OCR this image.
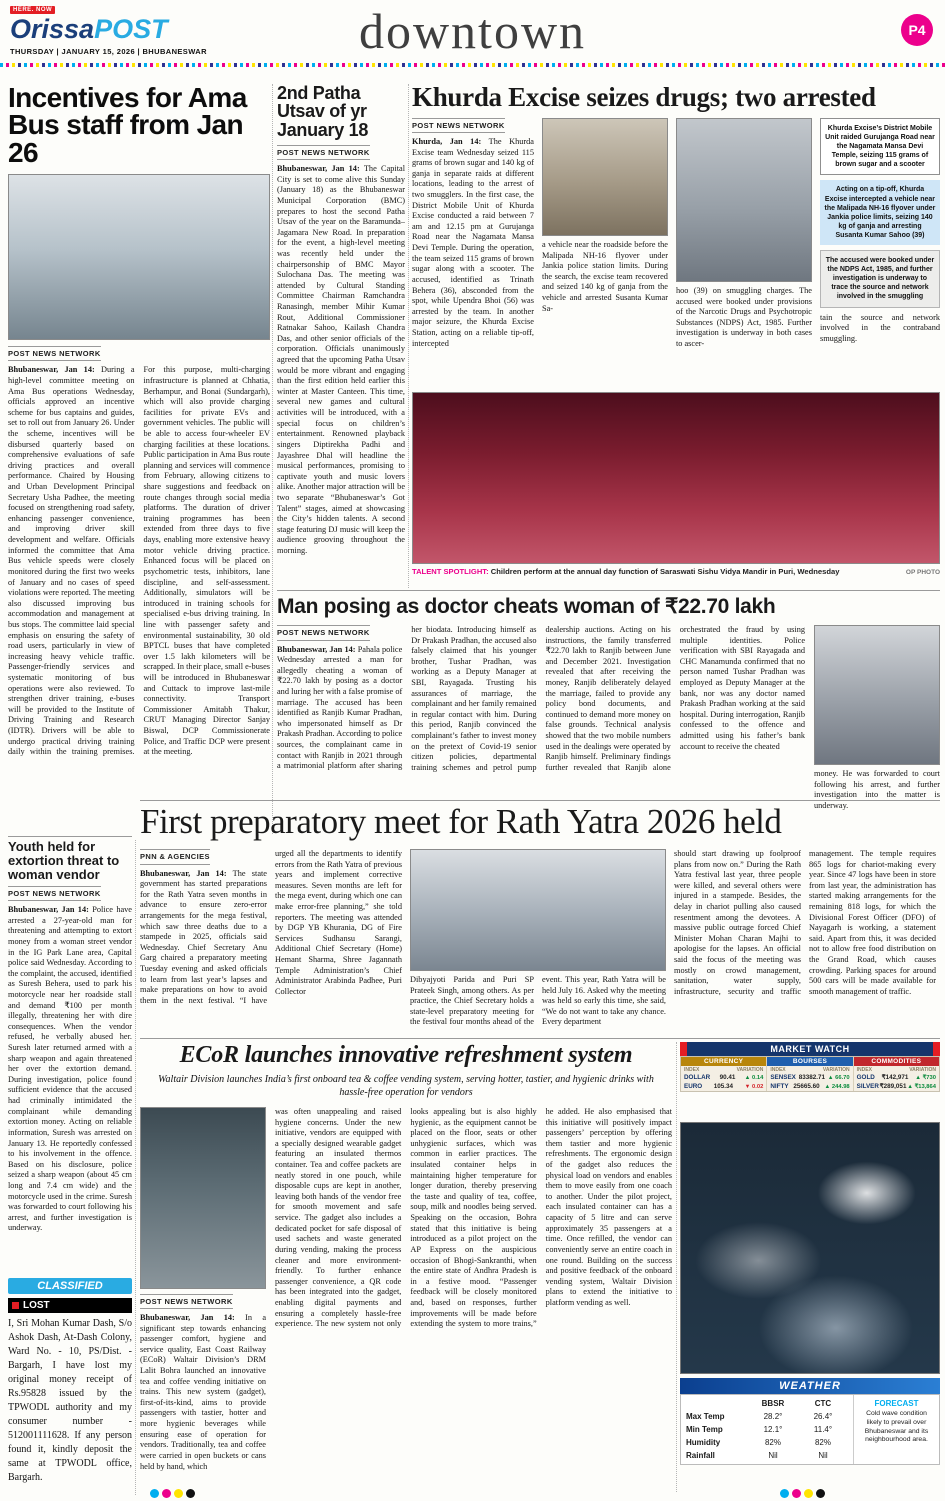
HERE. NOW
OrissaPOST
THURSDAY | JANUARY 15, 2026 | BHUBANESWAR	downtown	P4
Incentives for Ama Bus staff from Jan 26
POST NEWS NETWORK

Bhubaneswar, Jan 14: During a high-level committee meeting on Ama Bus operations Wednesday, officials approved an incentive scheme for bus captains and guides, set to roll out from January 26. Under the scheme, incentives will be disbursed quarterly based on comprehensive evaluations of safe driving practices and overall performance. Chaired by Housing and Urban Development Principal Secretary Usha Padhee, the meeting focused on strengthening road safety, enhancing passenger convenience, and improving driver skill development and welfare. Officials informed the committee that Ama Bus vehicle speeds were closely monitored during the first two weeks of January and no cases of speed violations were reported. The meeting also discussed improving bus accommodation and management at bus stops. The committee laid special emphasis on ensuring the safety of road users, particularly in view of increasing heavy vehicle traffic. Passenger-friendly services and systematic monitoring of bus operations were also reviewed. To strengthen driver training, e-buses will be provided to the Institute of Driving Training and Research (IDTR). Drivers will be able to undergo practical driving training daily within the training premises. For this purpose, multi-charging infrastructure is planned at Chhatia, Berhampur, and Bonai (Sundargarh), which will also provide charging facilities for private EVs and government vehicles. The public will be able to access four-wheeler EV charging facilities at these locations. Public participation in Ama Bus route planning and services will commence from February, allowing citizens to share suggestions and feedback on route changes through social media platforms. The duration of driver training programmes has been extended from three days to five days, enabling more extensive heavy motor vehicle driving practice. Enhanced focus will be placed on psychometric tests, inhibitors, lane discipline, and self-assessment. Additionally, simulators will be introduced in training schools for specialised e-bus driving training. In line with passenger safety and environmental sustainability, 30 old BPTCL buses that have completed over 1.5 lakh kilometers will be scrapped. In their place, small e-buses will be introduced in Bhubaneswar and Cuttack to improve last-mile connectivity. Transport Commissioner Amitabh Thakur, CRUT Managing Director Sanjay Biswal, DCP Commissionerate Police, and Traffic DCP were present at the meeting.

2nd Patha Utsav of yr January 18
POST NEWS NETWORK

Bhubaneswar, Jan 14: The Capital City is set to come alive this Sunday (January 18) as the Bhubaneswar Municipal Corporation (BMC) prepares to host the second Patha Utsav of the year on the Baramunda–Jagamara New Road. In preparation for the event, a high-level meeting was recently held under the chairpersonship of BMC Mayor Sulochana Das. The meeting was attended by Cultural Standing Committee Chairman Ramchandra Ranasingh, member Mihir Kumar Rout, Additional Commissioner Ratnakar Sahoo, Kailash Chandra Das, and other senior officials of the corporation. Officials unanimously agreed that the upcoming Patha Utsav would be more vibrant and engaging than the first edition held earlier this winter at Master Canteen. This time, several new games and cultural activities will be introduced, with a special focus on children’s entertainment. Renowned playback singers Diptirekha Padhi and Jayashree Dhal will headline the musical performances, promising to captivate youth and music lovers alike. Another major attraction will be two separate “Bhubaneswar’s Got Talent” stages, aimed at showcasing the City’s hidden talents. A second stage featuring DJ music will keep the audience grooving throughout the morning.

Khurda Excise seizes drugs; two arrested
POST NEWS NETWORK

Khurda, Jan 14: The Khurda Excise team Wednesday seized 115 grams of brown sugar and 140 kg of ganja in separate raids at different locations, leading to the arrest of two smugglers. In the first case, the District Mobile Unit of Khurda Excise conducted a raid between 7 am and 12.15 pm at Gurujanga Road near the Nagamata Mansa Devi Temple. During the operation, the team seized 115 grams of brown sugar along with a scooter. The accused, identified as Trinath Behera (36), absconded from the spot, while Upendra Bhoi (56) was arrested by the team. In another major seizure, the Khurda Excise Station, acting on a reliable tip-off, intercepted

a vehicle near the roadside before the Malipada NH-16 flyover under Jankia police station limits. During the search, the excise team recovered and seized 140 kg of ganja from the vehicle and arrested Susanta Kumar Sa-

hoo (39) on smuggling charges. The accused were booked under provisions of the Narcotic Drugs and Psychotropic Substances (NDPS) Act, 1985. Further investigation is underway in both cases to ascer-

Khurda Excise’s District Mobile Unit raided Gurujanga Road near the Nagamata Mansa Devi Temple, seizing 115 grams of brown sugar and a scooter
Acting on a tip-off, Khurda Excise intercepted a vehicle near the Malipada NH-16 flyover under Jankia police limits, seizing 140 kg of ganja and arresting Susanta Kumar Sahoo (39)
The accused were booked under the NDPS Act, 1985, and further investigation is underway to trace the source and network involved in the smuggling

tain the source and network involved in the contraband smuggling.

TALENT SPOTLIGHT: Children perform at the annual day function of Saraswati Sishu Vidya Mandir in Puri, Wednesday	OP PHOTO
Man posing as doctor cheats woman of ₹22.70 lakh
POST NEWS NETWORK

Bhubaneswar, Jan 14: Pahala police Wednesday arrested a man for allegedly cheating a woman of ₹22.70 lakh by posing as a doctor and luring her with a false promise of marriage. The accused has been identified as Ranjib Kumar Pradhan, who impersonated himself as Dr Prakash Pradhan. According to police sources, the complainant came in contact with Ranjib in 2021 through a matrimonial platform after sharing her biodata. Introducing himself as Dr Prakash Pradhan, the accused also falsely claimed that his younger brother, Tushar Pradhan, was working as a Deputy Manager at SBI, Rayagada. Trusting his assurances of marriage, the complainant and her family remained in regular contact with him. During this period, Ranjib convinced the complainant’s father to invest money on the pretext of Covid-19 senior citizen policies, departmental training schemes and petrol pump dealership auctions. Acting on his instructions, the family transferred ₹22.70 lakh to Ranjib between June and December 2021. Investigation revealed that after receiving the money, Ranjib deliberately delayed the marriage, failed to provide any policy bond documents, and continued to demand more money on false grounds. Technical analysis showed that the two mobile numbers used in the dealings were operated by Ranjib himself. Preliminary findings further revealed that Ranjib alone orchestrated the fraud by using multiple identities. Police verification with SBI Rayagada and CHC Manamunda confirmed that no person named Tushar Pradhan was employed as Deputy Manager at the bank, nor was any doctor named Prakash Pradhan working at the said hospital. During interrogation, Ranjib confessed to the offence and admitted using his father’s bank account to receive the cheated

money. He was forwarded to court following his arrest, and further investigation into the matter is underway.

First preparatory meet for Rath Yatra 2026 held
PNN & AGENCIES

Bhubaneswar, Jan 14: The state government has started preparations for the Rath Yatra seven months in advance to ensure zero-error arrangements for the mega festival, which saw three deaths due to a stampede in 2025, officials said Wednesday. Chief Secretary Anu Garg chaired a preparatory meeting Tuesday evening and asked officials to learn from last year’s lapses and make preparations on how to avoid them in the next festival. “I have urged all the departments to identify errors from the Rath Yatra of previous years and implement corrective measures. Seven months are left for the mega event, during which one can make error-free planning,” she told reporters. The meeting was attended by DGP YB Khurania, DG of Fire Services Sudhansu Sarangi, Additional Chief Secretary (Home) Hemant Sharma, Shree Jagannath Temple Administration’s Chief Administrator Arabinda Padhee, Puri Collector

Dibyajyoti Parida and Puri SP Prateek Singh, among others. As per practice, the Chief Secretary holds a state-level preparatory meeting for the festival four months ahead of the event. This year, Rath Yatra will be held July 16. Asked why the meeting was held so early this time, she said, “We do not want to take any chance. Every department

should start drawing up foolproof plans from now on.” During the Rath Yatra festival last year, three people were killed, and several others were injured in a stampede. Besides, the delay in chariot pulling also caused resentment among the devotees. A massive public outrage forced Chief Minister Mohan Charan Majhi to apologise for the lapses. An official said the focus of the meeting was mostly on crowd management, sanitation, water supply, infrastructure, security and traffic management. The temple requires 865 logs for chariot-making every year. Since 47 logs have been in store from last year, the administration has started making arrangements for the remaining 818 logs, for which the Divisional Forest Officer (DFO) of Nayagarh is working, a statement said. Apart from this, it was decided not to allow free food distribution on the Grand Road, which causes crowding. Parking spaces for around 500 cars will be made available for smooth management of traffic.

Youth held for extortion threat to woman vendor
POST NEWS NETWORK

Bhubaneswar, Jan 14: Police have arrested a 27-year-old man for threatening and attempting to extort money from a woman street vendor in the IG Park Lane area, Capital police said Wednesday. According to the complaint, the accused, identified as Suresh Behera, used to park his motorcycle near her roadside stall and demand ₹100 per month illegally, threatening her with dire consequences. When the vendor refused, he verbally abused her. Suresh later returned armed with a sharp weapon and again threatened her over the extortion demand. During investigation, police found sufficient evidence that the accused had criminally intimidated the complainant while demanding extortion money. Acting on reliable information, Suresh was arrested on January 13. He reportedly confessed to his involvement in the offence. Based on his disclosure, police seized a sharp weapon (about 45 cm long and 7.4 cm wide) and the motorcycle used in the crime. Suresh was forwarded to court following his arrest, and further investigation is underway.

CLASSIFIED
LOST

I, Sri Mohan Kumar Dash, S/o Ashok Dash, At-Dash Colony, Ward No. - 10, PS/Dist. - Bargarh, I have lost my original money receipt of Rs.95828 issued by the TPWODL authority and my consumer number - 512001111628. If any person found it, kindly deposit the same at TPWODL office, Bargarh.

ECoR launches innovative refreshment system
Waltair Division launches India’s first onboard tea & coffee vending system, serving hotter, tastier, and hygienic drinks with hassle-free operation for vendors
POST NEWS NETWORK

Bhubaneswar, Jan 14: In a significant step towards enhancing passenger comfort, hygiene and service quality, East Coast Railway (ECoR) Waltair Division’s DRM Lalit Bohra launched an innovative tea and coffee vending initiative on trains. This new system (gadget), first-of-its-kind, aims to provide passengers with tastier, hotter and more hygienic beverages while ensuring ease of operation for vendors. Traditionally, tea and coffee were carried in open buckets or cans held by hand, which

was often unappealing and raised hygiene concerns. Under the new initiative, vendors are equipped with a specially designed wearable gadget featuring an insulated thermos container. Tea and coffee packets are neatly stored in one pouch, while disposable cups are kept in another, leaving both hands of the vendor free for smooth movement and safe service. The gadget also includes a dedicated pocket for safe disposal of used sachets and waste generated during vending, making the process cleaner and more environment-friendly. To further enhance passenger convenience, a QR code has been integrated into the gadget, enabling digital payments and ensuring a completely hassle-free experience. The new system not only looks appealing but is also highly hygienic, as the equipment cannot be placed on the floor, seats or other unhygienic surfaces, which was common in earlier practices. The insulated container helps in maintaining higher temperature for longer duration, thereby preserving the taste and quality of tea, coffee, soup, milk and noodles being served. Speaking on the occasion, Bohra stated that this initiative is being introduced as a pilot project on the AP Express on the auspicious occasion of Bhogi-Sankranthi, when the entire state of Andhra Pradesh is in a festive mood. “Passenger feedback will be closely monitored and, based on responses, further improvements will be made before extending the system to more trains,” he added. He also emphasised that this initiative will positively impact passengers’ perception by offering them tastier and more hygienic refreshments. The ergonomic design of the gadget also reduces the physical load on vendors and enables them to move easily from one coach to another. Under the pilot project, each insulated container can has a capacity of 5 litre and can serve approximately 35 passengers at a time. Once refilled, the vendor can conveniently serve an entire coach in one round. Building on the success and positive feedback of the onboard vending system, Waltair Division plans to extend the initiative to platform vending as well.

MARKET WATCH
CURRENCY
INDEX	VARIATION
DOLLAR 90.41 ▲ 0.14
EURO 105.34 ▼ 0.02
BOURSES
INDEX	VARIATION
SENSEX 83382.71 ▲ 66.70
NIFTY 25665.60 ▲ 244.98
COMMODITIES
INDEX	VARIATION
GOLD ₹142,971 ▲ ₹730
SILVER ₹289,051 ▲ ₹13,864
WEATHER
BBSR	CTC
Max Temp	28.2°	26.4°
Min Temp	12.1°	11.4°
Humidity	82%	82%
Rainfall	Nil	Nil
FORECAST
Cold wave condition likely to prevail over Bhubaneswar and its neighbourhood area.
